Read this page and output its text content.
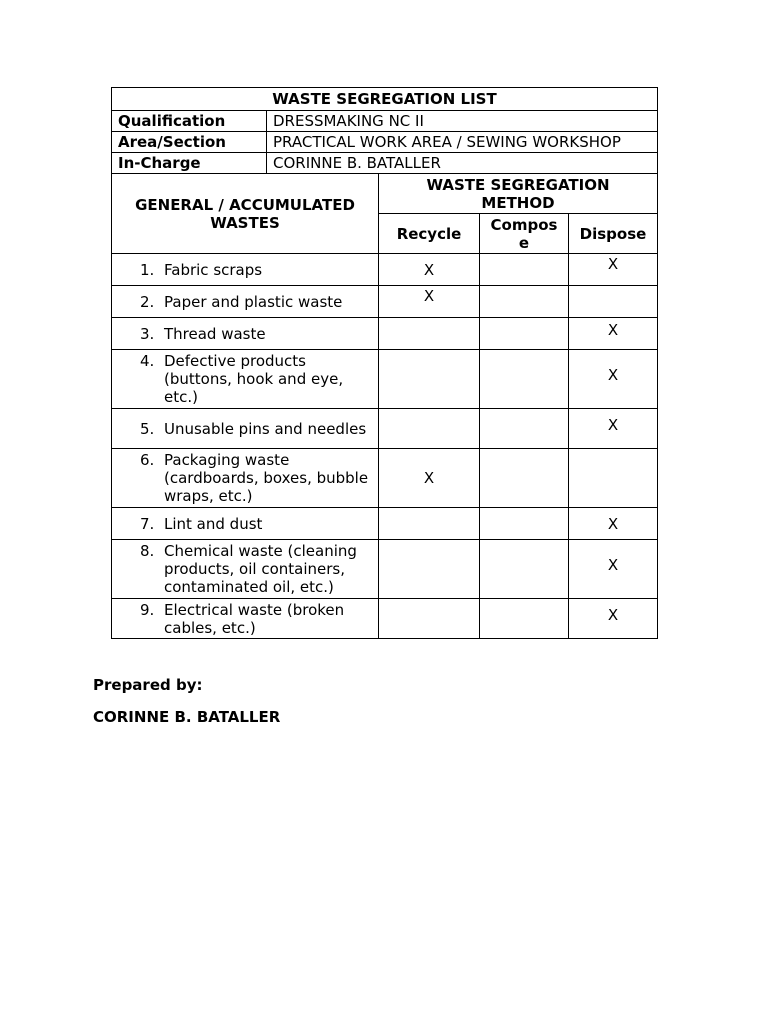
WASTE SEGREGATION LIST				
Qualification	DRESSMAKING NC II			
Area/Section	PRACTICAL WORK AREA / SEWING WORKSHOP			
In-Charge	CORINNE B. BATALLER			
GENERAL / ACCUMULATED WASTES		WASTE SEGREGATION METHOD		
		Recycle	Compos e	Dispose

1. Fabric scraps		X		X

2. Paper and plastic waste		X		

3. Thread waste				X

4. Defective products (buttons, hook and eye, etc.)				X

5. Unusable pins and needles				X

6. Packaging waste (cardboards, boxes, bubble wraps, etc.)		X		

7. Lint and dust				X

8. Chemical waste (cleaning products, oil containers, contaminated oil, etc.)				X

9. Electrical waste (broken cables, etc.)				X
Prepared by:
CORINNE B. BATALLER
